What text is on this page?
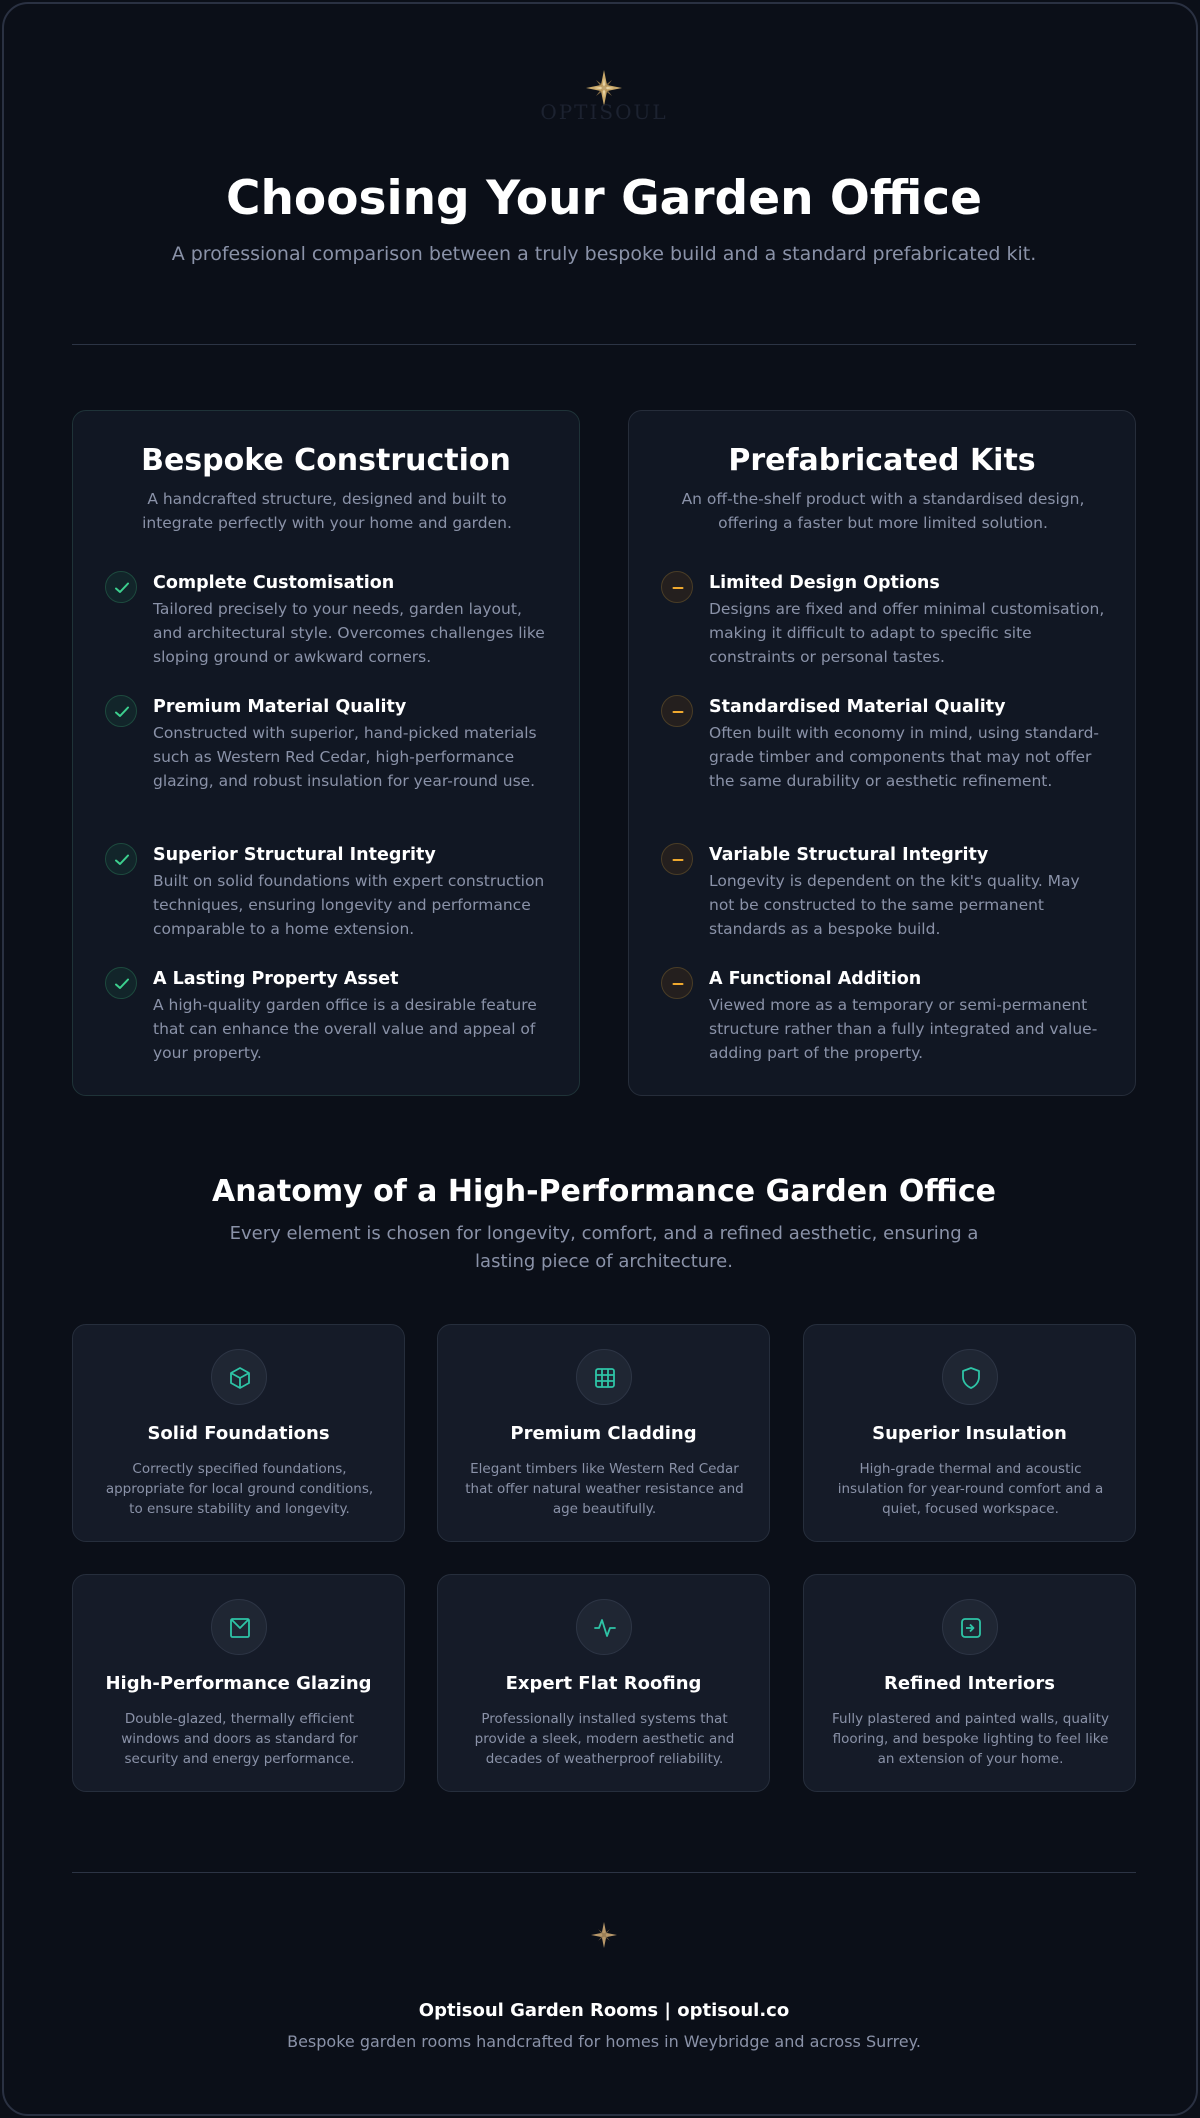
OPTISOUL
Choosing Your Garden Office

A professional comparison between a truly bespoke build and a standard prefabricated kit.

Bespoke Construction

A handcrafted structure, designed and built to integrate perfectly with your home and garden.

Complete Customisation
Tailored precisely to your needs, garden layout, and architectural style. Overcomes challenges like sloping ground or awkward corners.
Premium Material Quality
Constructed with superior, hand-picked materials such as Western Red Cedar, high-performance glazing, and robust insulation for year-round use.
Superior Structural Integrity
Built on solid foundations with expert construction techniques, ensuring longevity and performance comparable to a home extension.
A Lasting Property Asset
A high-quality garden office is a desirable feature that can enhance the overall value and appeal of your property.
Prefabricated Kits

An off-the-shelf product with a standardised design, offering a faster but more limited solution.

Limited Design Options
Designs are fixed and offer minimal customisation, making it difficult to adapt to specific site constraints or personal tastes.
Standardised Material Quality
Often built with economy in mind, using standard-grade timber and components that may not offer the same durability or aesthetic refinement.
Variable Structural Integrity
Longevity is dependent on the kit's quality. May not be constructed to the same permanent standards as a bespoke build.
A Functional Addition
Viewed more as a temporary or semi-permanent structure rather than a fully integrated and value-adding part of the property.
Anatomy of a High-Performance Garden Office

Every element is chosen for longevity, comfort, and a refined aesthetic, ensuring a lasting piece of architecture.

Solid Foundations
Correctly specified foundations, appropriate for local ground conditions, to ensure stability and longevity.
Premium Cladding
Elegant timbers like Western Red Cedar that offer natural weather resistance and age beautifully.
Superior Insulation
High-grade thermal and acoustic insulation for year-round comfort and a quiet, focused workspace.
High-Performance Glazing
Double-glazed, thermally efficient windows and doors as standard for security and energy performance.
Expert Flat Roofing
Professionally installed systems that provide a sleek, modern aesthetic and decades of weatherproof reliability.
Refined Interiors
Fully plastered and painted walls, quality flooring, and bespoke lighting to feel like an extension of your home.
Optisoul Garden Rooms | optisoul.co
Bespoke garden rooms handcrafted for homes in Weybridge and across Surrey.
